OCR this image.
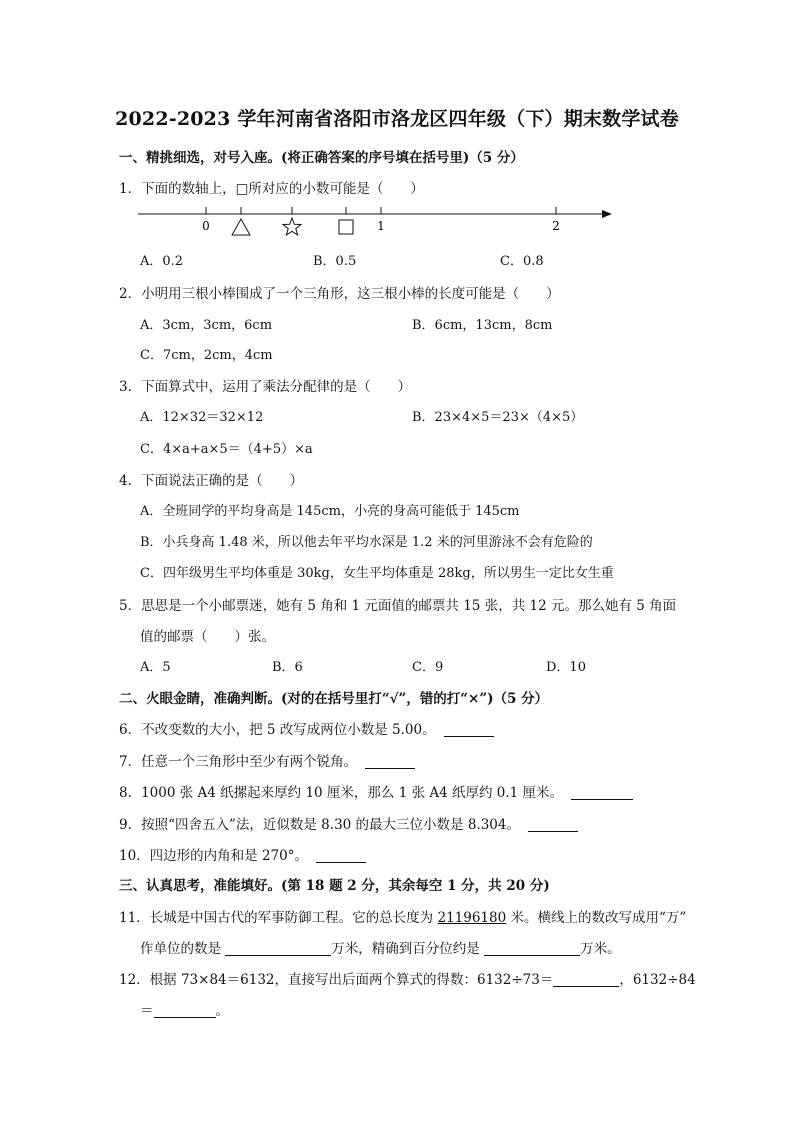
2022-2023 学年河南省洛阳市洛龙区四年级（下）期末数学试卷
一、精挑细选，对号入座。(将正确答案的序号填在括号里)（5 分）
1．下面的数轴上，□所对应的小数可能是（　　）
0	1	2
A．0.2	B．0.5	C．0.8
2．小明用三根小棒围成了一个三角形，这三根小棒的长度可能是（　　）
A．3cm，3cm，6cm	B．6cm，13cm，8cm
C．7cm，2cm，4cm
3．下面算式中，运用了乘法分配律的是（　　）
A．12×32＝32×12	B．23×4×5＝23×（4×5）
C．4×a+a×5＝（4+5）×a
4．下面说法正确的是（　　）
A．全班同学的平均身高是 145cm，小亮的身高可能低于 145cm
B．小兵身高 1.48 米，所以他去年平均水深是 1.2 米的河里游泳不会有危险的
C．四年级男生平均体重是 30kg，女生平均体重是 28kg，所以男生一定比女生重
5．思思是一个小邮票迷，她有 5 角和 1 元面值的邮票共 15 张，共 12 元。那么她有 5 角面
值的邮票（　　）张。
A．5	B．6	C．9	D．10
二、火眼金睛，准确判断。(对的在括号里打“√”，错的打“×”)（5 分）
6．不改变数的大小，把 5 改写成两位小数是 5.00。
7．任意一个三角形中至少有两个锐角。
8．1000 张 A4 纸摞起来厚约 10 厘米，那么 1 张 A4 纸厚约 0.1 厘米。
9．按照“四舍五入”法，近似数是 8.30 的最大三位小数是 8.304。
10．四边形的内角和是 270°。
三、认真思考，准能填好。(第 18 题 2 分，其余每空 1 分，共 20 分)
11．长城是中国古代的军事防御工程。它的总长度为 21196180 米。横线上的数改写成用“万”
作单位的数是	万米，精确到百分位约是	万米。
12．根据 73×84＝6132，直接写出后面两个算式的得数：6132÷73＝	，6132÷84
＝	。
